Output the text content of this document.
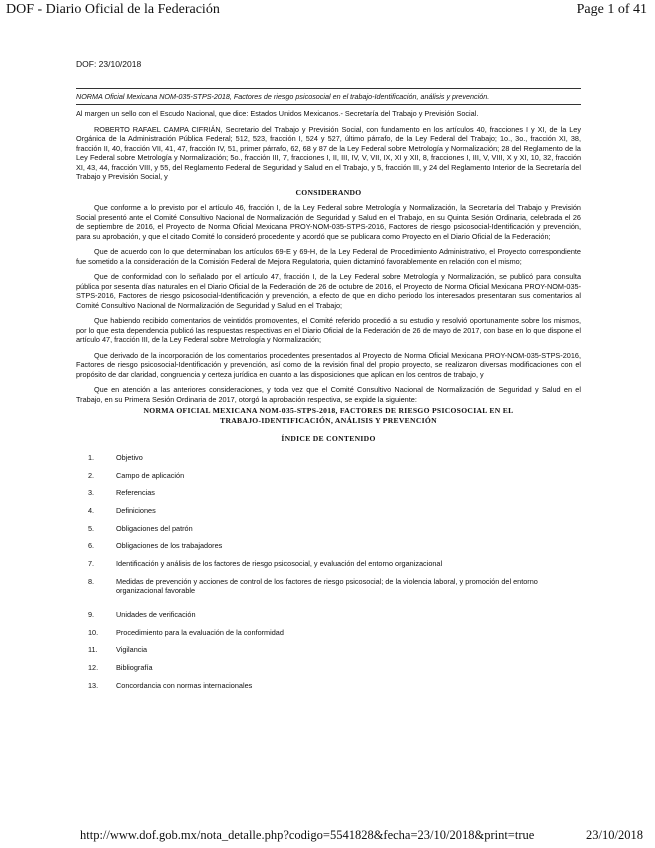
DOF - Diario Oficial de la Federación	Page 1 of 41
DOF: 23/10/2018
NORMA Oficial Mexicana NOM-035-STPS-2018, Factores de riesgo psicosocial en el trabajo-Identificación, análisis y prevención.

Al margen un sello con el Escudo Nacional, que dice: Estados Unidos Mexicanos.- Secretaría del Trabajo y Previsión Social.

ROBERTO RAFAEL CAMPA CIFRIÁN, Secretario del Trabajo y Previsión Social, con fundamento en los artículos 40, fracciones I y XI, de la Ley Orgánica de la Administración Pública Federal; 512, 523, fracción I, 524 y 527, último párrafo, de la Ley Federal del Trabajo; 1o., 3o., fracción XI, 38, fracción II, 40, fracción VII, 41, 47, fracción IV, 51, primer párrafo, 62, 68 y 87 de la Ley Federal sobre Metrología y Normalización; 28 del Reglamento de la Ley Federal sobre Metrología y Normalización; 5o., fracción III, 7, fracciones I, II, III, IV, V, VII, IX, XI y XII, 8, fracciones I, III, V, VIII, X y XI, 10, 32, fracción XI, 43, 44, fracción VIII, y 55, del Reglamento Federal de Seguridad y Salud en el Trabajo, y 5, fracción III, y 24 del Reglamento Interior de la Secretaría del Trabajo y Previsión Social, y

CONSIDERANDO

Que conforme a lo previsto por el artículo 46, fracción I, de la Ley Federal sobre Metrología y Normalización, la Secretaría del Trabajo y Previsión Social presentó ante el Comité Consultivo Nacional de Normalización de Seguridad y Salud en el Trabajo, en su Quinta Sesión Ordinaria, celebrada el 26 de septiembre de 2016, el Proyecto de Norma Oficial Mexicana PROY-NOM-035-STPS-2016, Factores de riesgo psicosocial-Identificación y prevención, para su aprobación, y que el citado Comité lo consideró procedente y acordó que se publicara como Proyecto en el Diario Oficial de la Federación;

Que de acuerdo con lo que determinaban los artículos 69-E y 69-H, de la Ley Federal de Procedimiento Administrativo, el Proyecto correspondiente fue sometido a la consideración de la Comisión Federal de Mejora Regulatoria, quien dictaminó favorablemente en relación con el mismo;

Que de conformidad con lo señalado por el artículo 47, fracción I, de la Ley Federal sobre Metrología y Normalización, se publicó para consulta pública por sesenta días naturales en el Diario Oficial de la Federación de 26 de octubre de 2016, el Proyecto de Norma Oficial Mexicana PROY-NOM-035-STPS-2016, Factores de riesgo psicosocial-Identificación y prevención, a efecto de que en dicho periodo los interesados presentaran sus comentarios al Comité Consultivo Nacional de Normalización de Seguridad y Salud en el Trabajo;

Que habiendo recibido comentarios de veintidós promoventes, el Comité referido procedió a su estudio y resolvió oportunamente sobre los mismos, por lo que esta dependencia publicó las respuestas respectivas en el Diario Oficial de la Federación de 26 de mayo de 2017, con base en lo que dispone el artículo 47, fracción III, de la Ley Federal sobre Metrología y Normalización;

Que derivado de la incorporación de los comentarios procedentes presentados al Proyecto de Norma Oficial Mexicana PROY-NOM-035-STPS-2016, Factores de riesgo psicosocial-Identificación y prevención, así como de la revisión final del propio proyecto, se realizaron diversas modificaciones con el propósito de dar claridad, congruencia y certeza jurídica en cuanto a las disposiciones que aplican en los centros de trabajo, y

Que en atención a las anteriores consideraciones, y toda vez que el Comité Consultivo Nacional de Normalización de Seguridad y Salud en el Trabajo, en su Primera Sesión Ordinaria de 2017, otorgó la aprobación respectiva, se expide la siguiente:

NORMA OFICIAL MEXICANA NOM-035-STPS-2018, FACTORES DE RIESGO PSICOSOCIAL EN EL
TRABAJO-IDENTIFICACIÓN, ANÁLISIS Y PREVENCIÓN
ÍNDICE DE CONTENIDO
1.	Objetivo
2.	Campo de aplicación
3.	Referencias
4.	Definiciones
5.	Obligaciones del patrón
6.	Obligaciones de los trabajadores
7.	Identificación y análisis de los factores de riesgo psicosocial, y evaluación del entorno organizacional
8.	Medidas de prevención y acciones de control de los factores de riesgo psicosocial; de la violencia laboral, y promoción del entorno organizacional favorable
9.	Unidades de verificación
10.	Procedimiento para la evaluación de la conformidad
11.	Vigilancia
12.	Bibliografía
13.	Concordancia con normas internacionales
http://www.dof.gob.mx/nota_detalle.php?codigo=5541828&fecha=23/10/2018&print=true	23/10/2018
